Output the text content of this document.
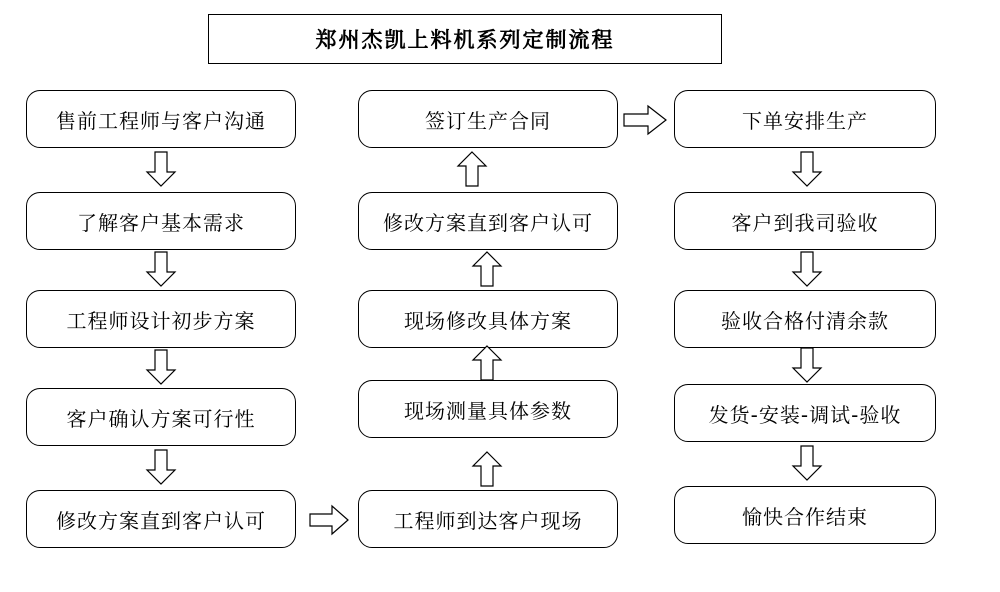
郑州杰凯上料机系列定制流程
售前工程师与客户沟通
了解客户基本需求
工程师设计初步方案
客户确认方案可行性
修改方案直到客户认可
签订生产合同
修改方案直到客户认可
现场修改具体方案
现场测量具体参数
工程师到达客户现场
下单安排生产
客户到我司验收
验收合格付清余款
发货-安装-调试-验收
愉快合作结束
